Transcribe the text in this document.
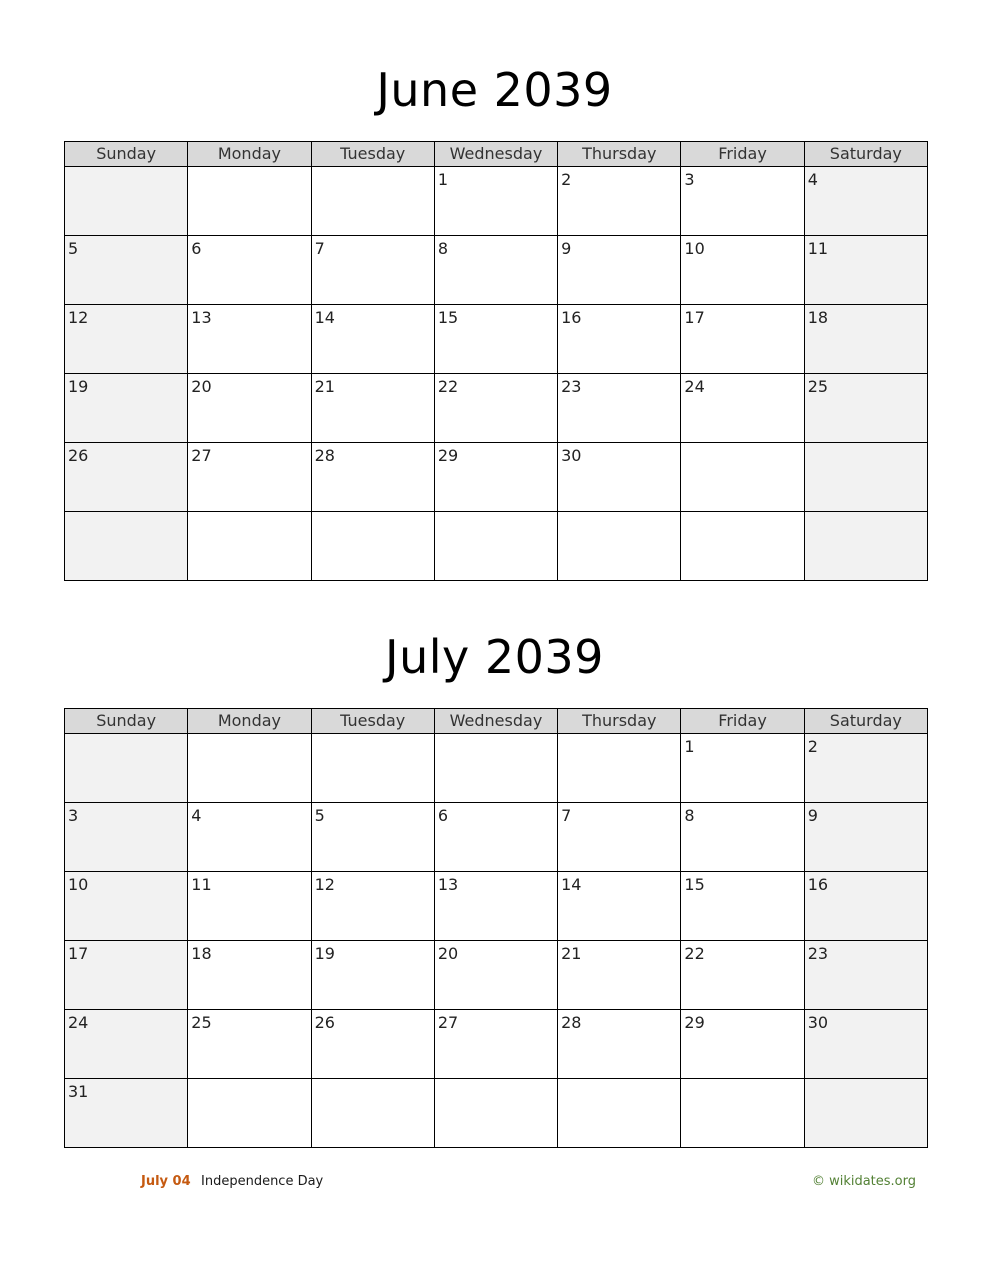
June 2039
Sunday	Monday	Tuesday	Wednesday	Thursday	Friday	Saturday

			1	2	3	4

5	6	7	8	9	10	11

12	13	14	15	16	17	18

19	20	21	22	23	24	25

26	27	28	29	30		

July 2039
Sunday	Monday	Tuesday	Wednesday	Thursday	Friday	Saturday

					1	2

3	4	5	6	7	8	9

10	11	12	13	14	15	16

17	18	19	20	21	22	23

24	25	26	27	28	29	30

31						

July 04 Independence Day	© wikidates.org
